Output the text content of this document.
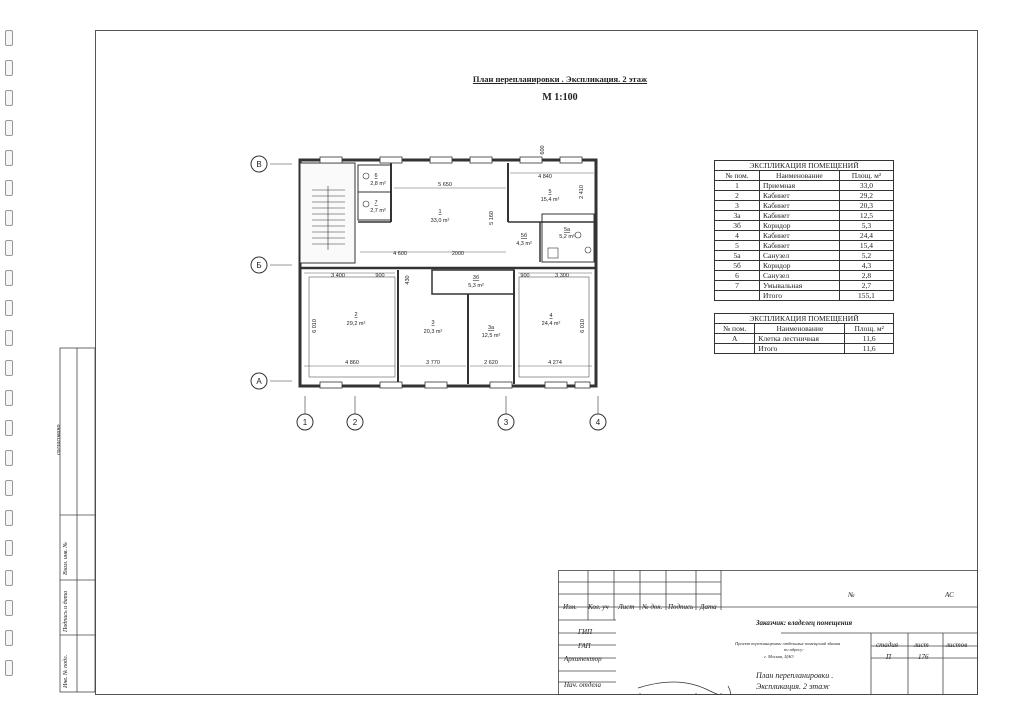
План перепланировки . Экспликация. 2 этаж
М 1:100
В
Б
А
1	2	3	4
600
4 840
5 650
2 410
5 160
4 600	2000
3 400	900	430	900	3 300
6 010	6 010
4 860	3 770	2 620	4 274
6
2,8 m²
7
2,7 m²	1
33,0 m²
5
15,4 m²
5а
5,2 m²
5б
4,3 m²
3б
5,3 m²
2
29,2 m²	3
20,3 m²
3а
12,5 m²
4
24,4 m²
ЭКСПЛИКАЦИЯ ПОМЕЩЕНИЙ		
№ пом.	Наименование	Площ. м²
1	Приемная	33,0
2	Кабинет	29,2
3	Кабинет	20,3
3а	Кабинет	12,5
3б	Коридор	5,3
4	Кабинет	24,4
5	Кабинет	15,4
5а	Санузел	5,2
5б	Коридор	4,3
6	Санузел	2,8
7	Умывальная	2,7
	Итого	155,1
ЭКСПЛИКАЦИЯ ПОМЕЩЕНИЙ		
№ пом.	Наименование	Площ. м²
А	Клетка лестничная	11,6
	Итого	11,6
согласовано
Взам. инв. №
Подпись и дата
Инв. № подл.
Изм. Кол. уч Лист № док. Подпись Дата
ГИП
ГАП
Архитектор
Нач. отдела
№	АС
Заказчик: владелец помещения
Проект перепланировки отдельных помещений здания
по адресу:
г. Москва, ЦАО
стадия лист листов
П	176
План перепланировки .
Экспликация. 2 этаж
